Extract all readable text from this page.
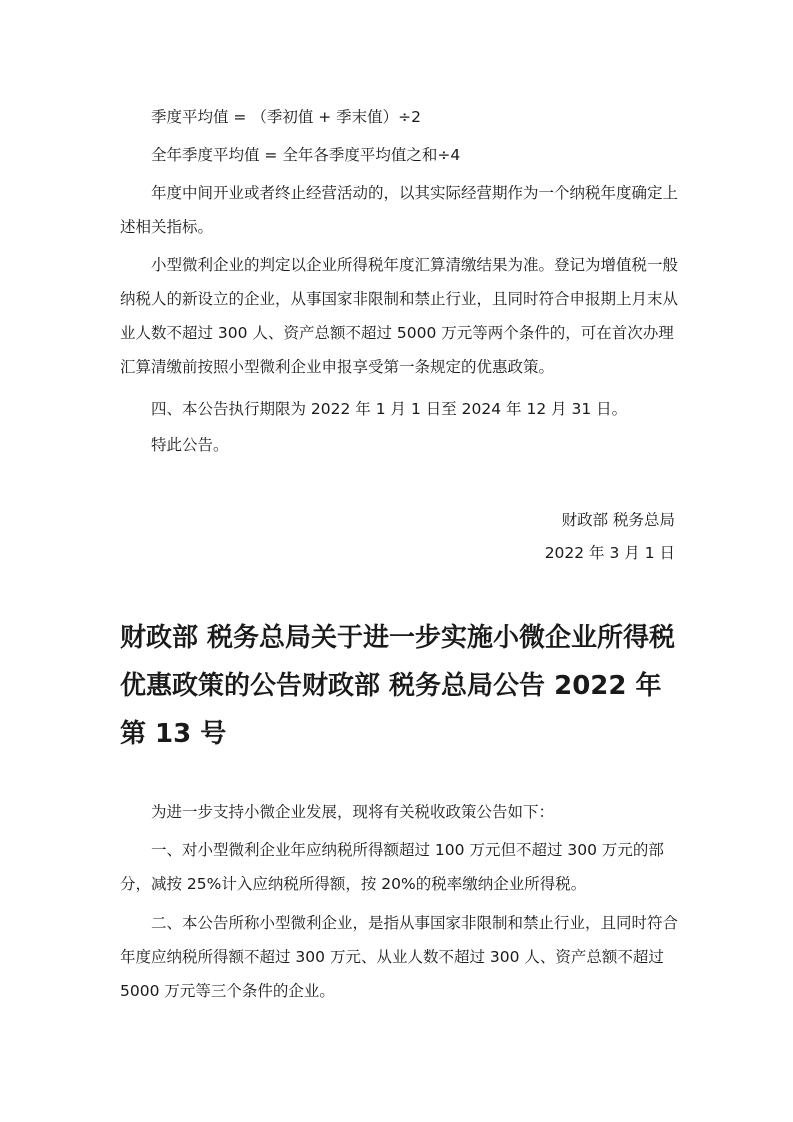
季度平均值 = （季初值 + 季末值）÷2

全年季度平均值 = 全年各季度平均值之和÷4

年度中间开业或者终止经营活动的，以其实际经营期作为一个纳税年度确定上述相关指标。

小型微利企业的判定以企业所得税年度汇算清缴结果为准。登记为增值税一般纳税人的新设立的企业，从事国家非限制和禁止行业，且同时符合申报期上月末从业人数不超过 300 人、资产总额不超过 5000 万元等两个条件的，可在首次办理汇算清缴前按照小型微利企业申报享受第一条规定的优惠政策。

四、本公告执行期限为 2022 年 1 月 1 日至 2024 年 12 月 31 日。

特此公告。

财政部 税务总局

2022 年 3 月 1 日

财政部 税务总局关于进一步实施小微企业所得税优惠政策的公告财政部 税务总局公告 2022 年第 13 号

为进一步支持小微企业发展，现将有关税收政策公告如下：

一、对小型微利企业年应纳税所得额超过 100 万元但不超过 300 万元的部分，减按 25%计入应纳税所得额，按 20%的税率缴纳企业所得税。

二、本公告所称小型微利企业，是指从事国家非限制和禁止行业，且同时符合年度应纳税所得额不超过 300 万元、从业人数不超过 300 人、资产总额不超过 5000 万元等三个条件的企业。
